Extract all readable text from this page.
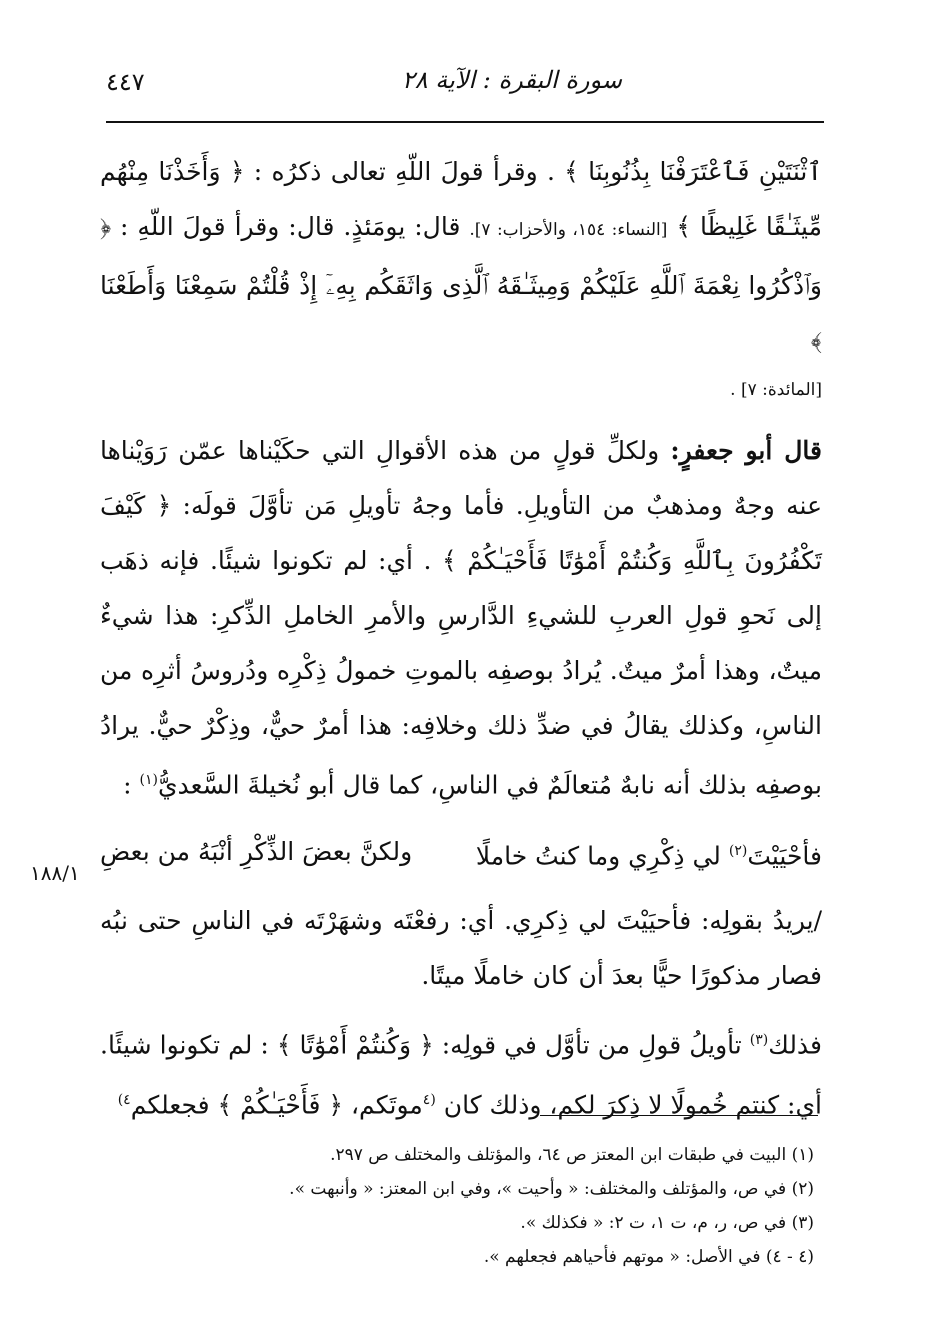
٤٤٧	سورة البقرة : الآية ٢٨

ٱثْنَتَيْنِ فَٱعْتَرَفْنَا بِذُنُوبِنَا ﴾ . وقرأ قولَ اللّهِ تعالى ذكرُه : ﴿ وَأَخَذْنَا مِنْهُم مِّيثَـٰقًا غَلِيظًا ﴾ [النساء: ١٥٤، والأحزاب: ٧]. قال: يومَئذٍ. قال: وقرأ قولَ اللّهِ : ﴿ وَٱذْكُرُوا نِعْمَةَ ٱللَّهِ عَلَيْكُمْ وَمِيثَـٰقَهُ ٱلَّذِى وَاثَقَكُم بِهِۦٓ إِذْ قُلْتُمْ سَمِعْنَا وَأَطَعْنَا ﴾

[المائدة: ٧] .

قال أبو جعفرٍ: ولكلِّ قولٍ من هذه الأقوالِ التي حكَيْناها عمّن رَوَيْناها عنه وجهٌ ومذهبٌ من التأويلِ. فأما وجهُ تأويلِ مَن تأوَّلَ قولَه: ﴿ كَيْفَ تَكْفُرُونَ بِٱللَّهِ وَكُنتُمْ أَمْوَٰتًا فَأَحْيَـٰكُمْ ﴾ . أي: لم تكونوا شيئًا. فإنه ذهَب إلى نَحوِ قولِ العربِ للشيءِ الدَّارسِ والأمرِ الخاملِ الذِّكرِ: هذا شيءٌ ميتٌ، وهذا أمرٌ ميتٌ. يُرادُ بوصفِه بالموتِ خمولُ ذِكْرِه ودُروسُ أثرِه من الناسِ، وكذلك يقالُ في ضدِّ ذلك وخلافِه: هذا أمرٌ حيٌّ، وذِكْرٌ حيٌّ. يرادُ بوصفِه بذلك أنه نابهٌ مُتعالَمٌ في الناسِ، كما قال أبو نُخيلةَ السَّعديُّ$^{(١)}$ :

فأحْيَيْتَ$^{(٢)}$ لي ذِكْرِي وما كنتُ خاملًا
ولكنَّ بعضَ الذِّكْرِ أنْبَهُ من بعضِ

/يريدُ بقولِه: فأحيَيْتَ لي ذِكرِي. أي: رفعْتَه وشهَرْتَه في الناسِ حتى نبُه فصار مذكورًا حيًّا بعدَ أن كان خاملًا ميتًا.

فذلك$^{(٣)}$ تأويلُ قولِ من تأوَّل في قولِه: ﴿ وَكُنتُمْ أَمْوَٰتًا ﴾ : لم تكونوا شيئًا. أي: كنتم خُمولًا لا ذِكرَ لكم، وذلك كان $^{(٤}$موتَكم، ﴿ فَأَحْيَـٰكُمْ ﴾ فجعلكم$^{٤)}$

١٨٨/١
(١) البيت في طبقات ابن المعتز ص ٦٤، والمؤتلف والمختلف ص ٢٩٧.
(٢) في ص، والمؤتلف والمختلف: « وأحيت »، وفي ابن المعتز: « وأنبهت ».
(٣) في ص، ر، م، ت ١، ت ٢: « فكذلك ».
(٤ - ٤) في الأصل: « موتهم فأحياهم فجعلهم ».
